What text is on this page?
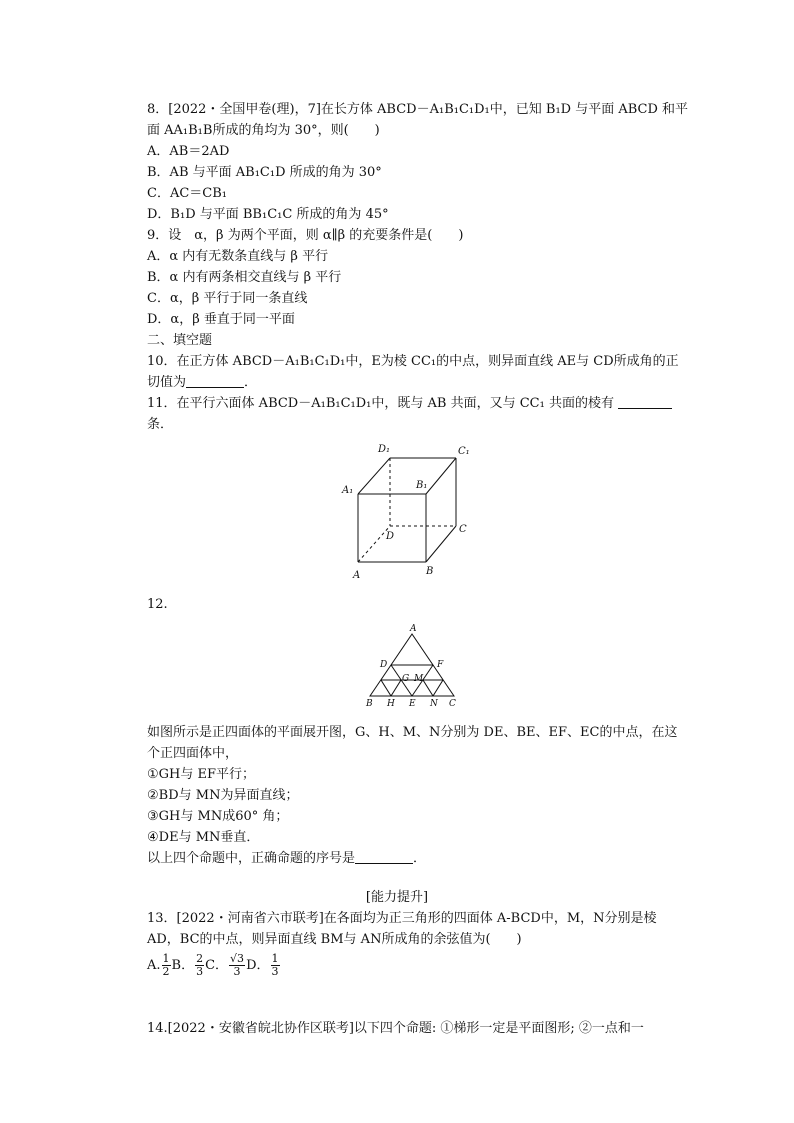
8．[2022・全国甲卷(理)，7]在长方体 ABCD－A₁B₁C₁D₁中，已知 B₁D 与平面 ABCD 和平
面 AA₁B₁B所成的角均为 30°，则(　　)
A．AB＝2AD
B．AB 与平面 AB₁C₁D 所成的角为 30°
C．AC＝CB₁
D．B₁D 与平面 BB₁C₁C 所成的角为 45°
9．设　α，β 为两个平面，则 α∥β 的充要条件是(　　)
A．α 内有无数条直线与 β 平行
B．α 内有两条相交直线与 β 平行
C．α，β 平行于同一条直线
D．α，β 垂直于同一平面
二、填空题
10．在正方体 ABCD－A₁B₁C₁D₁中，E为棱 CC₁的中点，则异面直线 AE与 CD所成角的正
切值为	．
11．在平行六面体 ABCD－A₁B₁C₁D₁中，既与 AB 共面，又与 CC₁ 共面的棱有
条．
D₁	C₁
A₁	B₁
D
C
A	B
12.
A
D	F
G M
B H E N C
如图所示是正四面体的平面展开图，G、H、M、N分别为 DE、BE、EF、EC的中点，在这
个正四面体中，
①GH与 EF平行；
②BD与 MN为异面直线；
③GH与 MN成60° 角；
④DE与 MN垂直．
以上四个命题中，正确命题的序号是	．
[能力提升]
13．[2022・河南省六市联考]在各面均为正三角形的四面体 A-BCD中，M，N分别是棱
AD，BC的中点，则异面直线 BM与 AN所成角的余弦值为(　　)
A. $\frac{1}{2}$ B． $\frac{2}{3}$ C． $\frac{√3}{3}$ D． $\frac{1}{3}$
14.[2022・安徽省皖北协作区联考]以下四个命题: ①梯形一定是平面图形; ②一点和一
